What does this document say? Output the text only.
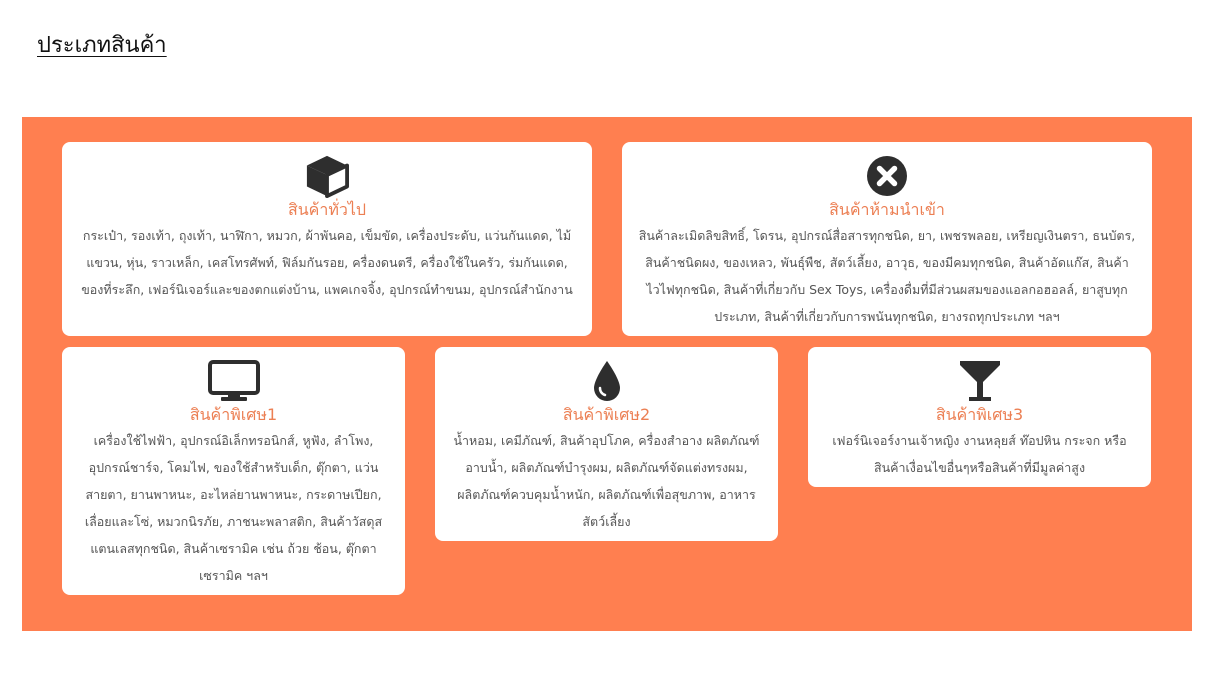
ประเภทสินค้า
สินค้าทั่วไป
กระเป๋า, รองเท้า, ถุงเท้า, นาฬิกา, หมวก, ผ้าพันคอ, เข็มขัด, เครื่องประดับ, แว่นกันแดด, ไม้แขวน, หุ่น, ราวเหล็ก, เคสโทรศัพท์, ฟิล์มกันรอย, ครื่องดนตรี, ครื่องใช้ในครัว, ร่มกันแดด, ของที่ระลึก, เฟอร์นิเจอร์และของตกแต่งบ้าน, แพคเกจจิ้ง, อุปกรณ์ทำขนม, อุปกรณ์สำนักงาน
สินค้าห้ามนำเข้า
สินค้าละเมิดลิขสิทธิ์, โดรน, อุปกรณ์สื่อสารทุกชนิด, ยา, เพชรพลอย, เหรียญเงินตรา, ธนบัตร, สินค้าชนิดผง, ของเหลว, พันธุ์พืช, สัตว์เลี้ยง, อาวุธ, ของมีคมทุกชนิด, สินค้าอัดแก๊ส, สินค้าไวไฟทุกชนิด, สินค้าที่เกี่ยวกับ Sex Toys, เครื่องดื่มที่มีส่วนผสมของแอลกอฮอลล์, ยาสูบทุกประเภท, สินค้าที่เกี่ยวกับการพนันทุกชนิด, ยางรถทุกประเภท ฯลฯ
สินค้าพิเศษ1
เครื่องใช้ไฟฟ้า, อุปกรณ์อิเล็กทรอนิกส์, หูฟัง, ลำโพง, อุปกรณ์ชาร์จ, โคมไฟ, ของใช้สำหรับเด็ก, ตุ๊กตา, แว่นสายตา, ยานพาหนะ, อะไหล่ยานพาหนะ, กระดาษเปียก, เลื่อยและโซ่, หมวกนิรภัย, ภาชนะพลาสติก, สินค้าวัสดุสแตนเลสทุกชนิด, สินค้าเซรามิค เช่น ถ้วย ช้อน, ตุ๊กตาเซรามิค ฯลฯ
สินค้าพิเศษ2
น้ำหอม, เคมีภัณฑ์, สินค้าอุปโภค, ครื่องสำอาง ผลิตภัณฑ์อาบน้ำ, ผลิตภัณฑ์บำรุงผม, ผลิตภัณฑ์จัดแต่งทรงผม, ผลิตภัณฑ์ควบคุมน้ำหนัก, ผลิตภัณฑ์เพื่อสุขภาพ, อาหารสัตว์เลี้ยง
สินค้าพิเศษ3
เฟอร์นิเจอร์งานเจ้าหญิง งานหลุยส์ ท๊อปหิน กระจก หรือสินค้าเงื่อนไขอื่นๆหรือสินค้าที่มีมูลค่าสูง
